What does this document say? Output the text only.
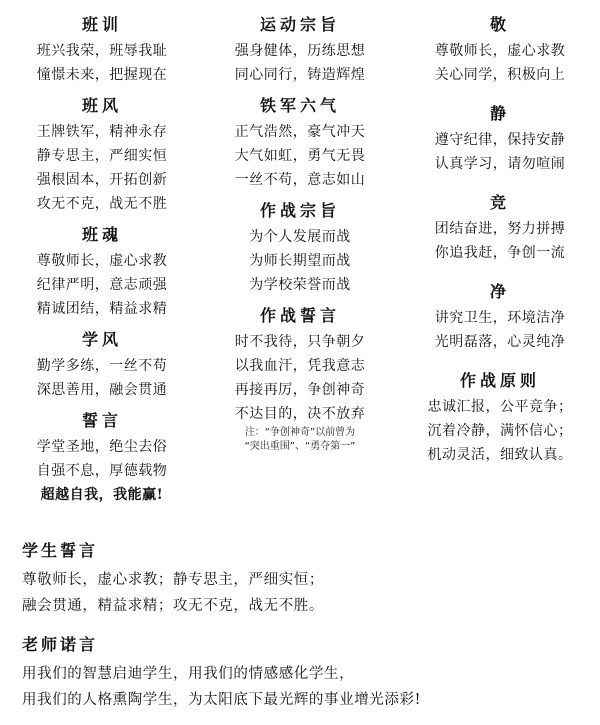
班训
班兴我荣，班辱我耻
憧憬未来，把握现在
班风
王牌铁军，精神永存
静专思主，严细实恒
强根固本，开拓创新
攻无不克，战无不胜
班魂
尊敬师长，虚心求教
纪律严明，意志顽强
精诚团结，精益求精
学风
勤学多练，一丝不苟
深思善用，融会贯通
誓言
学堂圣地，绝尘去俗
自强不息，厚德载物
超越自我，我能赢!
运动宗旨
强身健体，历练思想
同心同行，铸造辉煌
铁军六气
正气浩然，豪气冲天
大气如虹，勇气无畏
一丝不苟，意志如山
作战宗旨
为个人发展而战
为师长期望而战
为学校荣誉而战
作战誓言
时不我待，只争朝夕
以我血汗，凭我意志
再接再厉，争创神奇
不达目的，决不放弃
注：“争创神奇”以前曾为
“突出重围”、“勇夺第一”
敬
尊敬师长，虚心求教
关心同学，积极向上
静
遵守纪律，保持安静
认真学习，请勿喧闹
竞
团结奋进，努力拼搏
你追我赶，争创一流
净
讲究卫生，环境洁净
光明磊落，心灵纯净
作战原则
忠诚汇报，公平竞争；
沉着冷静，满怀信心；
机动灵活，细致认真。
学生誓言
尊敬师长，虚心求教；静专思主，严细实恒；
融会贯通，精益求精；攻无不克，战无不胜。
老师诺言
用我们的智慧启迪学生，用我们的情感感化学生，
用我们的人格熏陶学生，为太阳底下最光辉的事业增光添彩!
